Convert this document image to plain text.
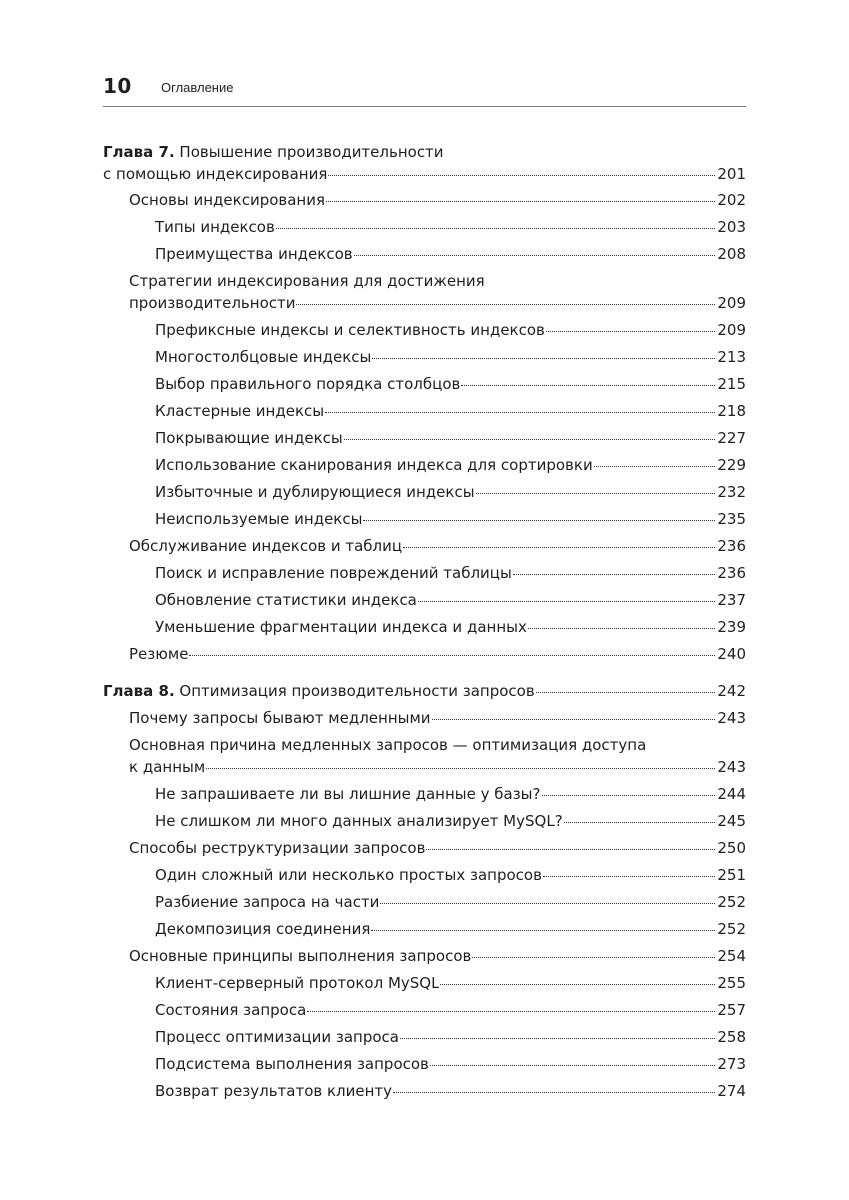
10 Оглавление
Глава 7. Повышение производительности
с помощью индексирования	201
Основы индексирования	202
Типы индексов	203
Преимущества индексов	208
Стратегии индексирования для достижения
производительности	209
Префиксные индексы и селективность индексов	209
Многостолбцовые индексы	213
Выбор правильного порядка столбцов	215
Кластерные индексы	218
Покрывающие индексы	227
Использование сканирования индекса для сортировки	229
Избыточные и дублирующиеся индексы	232
Неиспользуемые индексы	235
Обслуживание индексов и таблиц	236
Поиск и исправление повреждений таблицы	236
Обновление статистики индекса	237
Уменьшение фрагментации индекса и данных	239
Резюме	240
Глава 8. Оптимизация производительности запросов	242
Почему запросы бывают медленными	243
Основная причина медленных запросов — оптимизация доступа
к данным	243
Не запрашиваете ли вы лишние данные у базы?	244
Не слишком ли много данных анализирует MySQL?	245
Способы реструктуризации запросов	250
Один сложный или несколько простых запросов	251
Разбиение запроса на части	252
Декомпозиция соединения	252
Основные принципы выполнения запросов	254
Клиент-серверный протокол MySQL	255
Состояния запроса	257
Процесс оптимизации запроса	258
Подсистема выполнения запросов	273
Возврат результатов клиенту	274
